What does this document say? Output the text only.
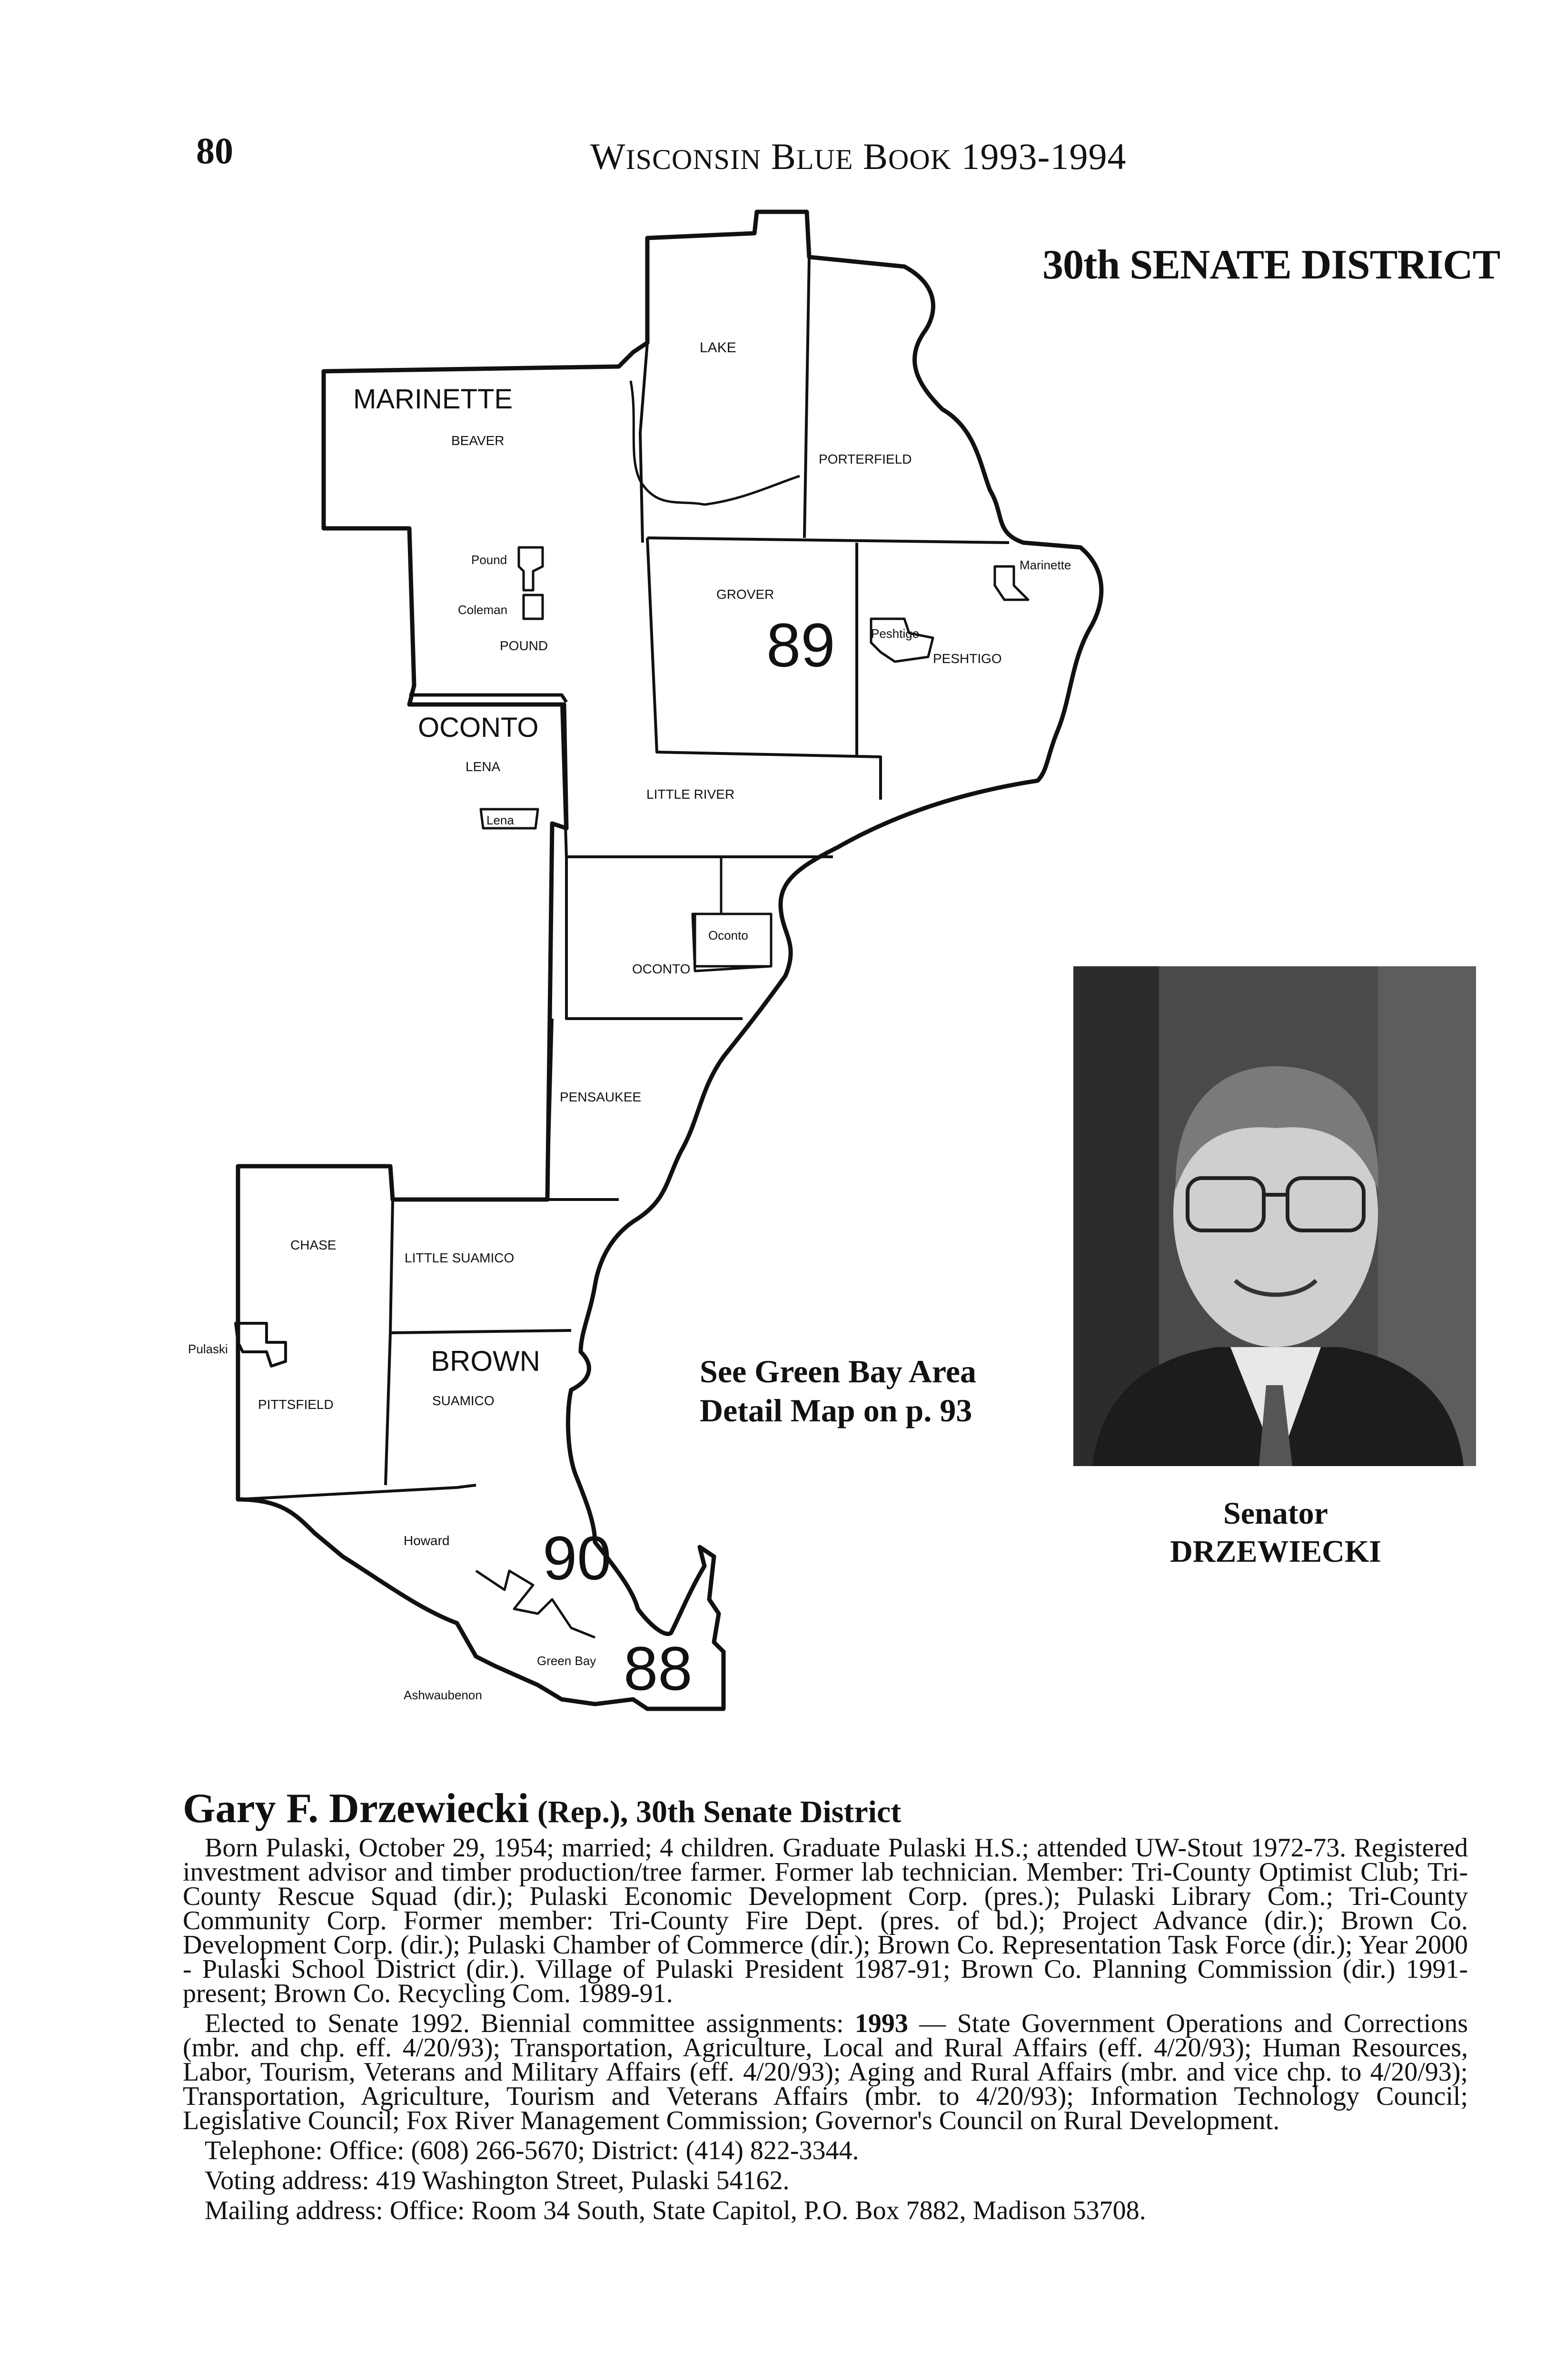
80	WISCONSIN BLUE BOOK 1993-1994
30th SENATE DISTRICT
MARINETTE
OCONTO
BROWN
LAKE
BEAVER
PORTERFIELD
Pound
Coleman
POUND
GROVER
Marinette
Peshtigo
PESHTIGO
LENA
Lena
LITTLE RIVER
Oconto
OCONTO
PENSAUKEE
CHASE
LITTLE SUAMICO
Pulaski
PITTSFIELD	SUAMICO
Howard
Green Bay
Ashwaubenon
89
90
88
See Green Bay Area
Detail Map on p. 93
Senator
DRZEWIECKI
Gary F. Drzewiecki (Rep.), 30th Senate District

Born Pulaski, October 29, 1954; married; 4 children. Graduate Pulaski H.S.; attended UW-Stout 1972-73. Registered investment advisor and timber production/tree farmer. Former lab technician. Member: Tri-County Optimist Club; Tri-County Rescue Squad (dir.); Pulaski Economic Development Corp. (pres.); Pulaski Library Com.; Tri-County Community Corp. Former member: Tri-County Fire Dept. (pres. of bd.); Project Advance (dir.); Brown Co. Development Corp. (dir.); Pulaski Chamber of Commerce (dir.); Brown Co. Representation Task Force (dir.); Year 2000 - Pulaski School District (dir.). Village of Pulaski President 1987-91; Brown Co. Planning Commission (dir.) 1991-present; Brown Co. Recycling Com. 1989-91.

Elected to Senate 1992. Biennial committee assignments: 1993 — State Government Operations and Corrections (mbr. and chp. eff. 4/20/93); Transportation, Agriculture, Local and Rural Affairs (eff. 4/20/93); Human Resources, Labor, Tourism, Veterans and Military Affairs (eff. 4/20/93); Aging and Rural Affairs (mbr. and vice chp. to 4/20/93); Transportation, Agriculture, Tourism and Veterans Affairs (mbr. to 4/20/93); Information Technology Council; Legislative Council; Fox River Management Commission; Governor's Council on Rural Development.

Telephone: Office: (608) 266-5670; District: (414) 822-3344.

Voting address: 419 Washington Street, Pulaski 54162.

Mailing address: Office: Room 34 South, State Capitol, P.O. Box 7882, Madison 53708.
